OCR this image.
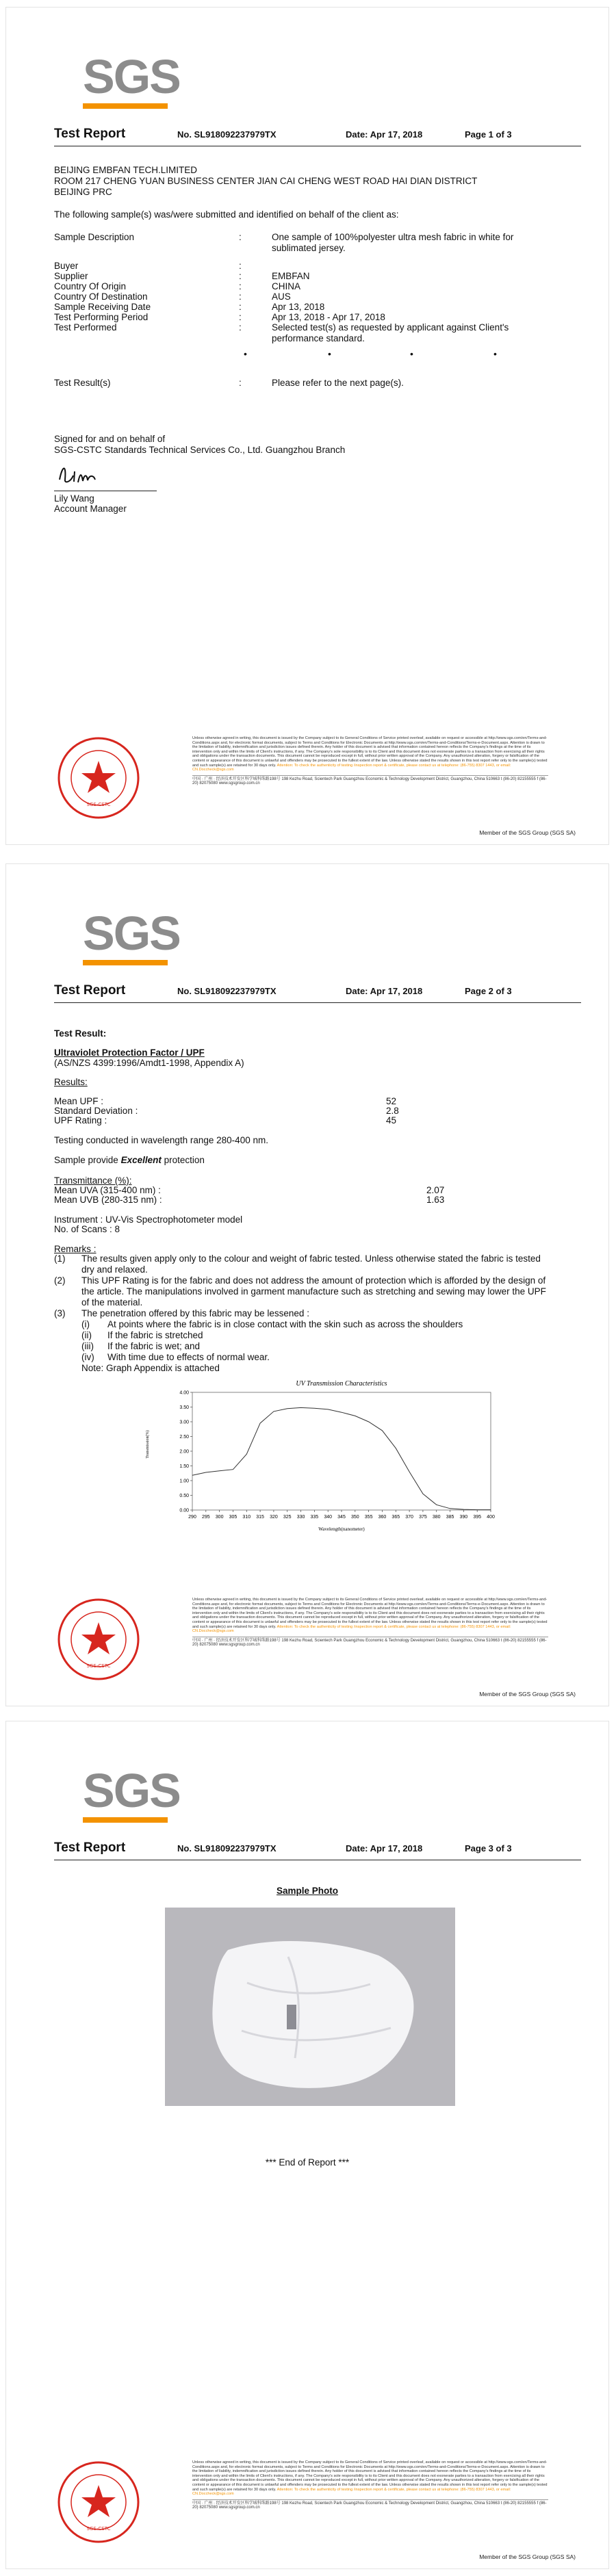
SGS
Test Report	No. SL918092237979TX	Date: Apr 17, 2018	Page 1 of 3
BEIJING EMBFAN TECH.LIMITED
ROOM 217 CHENG YUAN BUSINESS CENTER JIAN CAI CHENG WEST ROAD HAI DIAN DISTRICT
BEIJING PRC
The following sample(s) was/were submitted and identified on behalf of the client as:
Sample Description	:	One sample of 100%polyester ultra mesh fabric in white for sublimated jersey.
Buyer	:
Supplier	:	EMBFAN
Country Of Origin	:	CHINA
Country Of Destination	:	AUS
Sample Receiving Date	:	Apr 13, 2018
Test Performing Period	:	Apr 13, 2018 - Apr 17, 2018
Test Performed	:	Selected test(s) as requested by applicant against Client's performance standard.
•	•	•	•
Test Result(s)	:	Please refer to the next page(s).
Signed for and on behalf of
SGS-CSTC Standards Technical Services Co., Ltd. Guangzhou Branch
Lily Wang
Account Manager
SGS-CSTC
Unless otherwise agreed in writing, this document is issued by the Company subject to its General Conditions of Service printed overleaf, available on request or accessible at http://www.sgs.com/en/Terms-and-Conditions.aspx and, for electronic format documents, subject to Terms and Conditions for Electronic Documents at http://www.sgs.com/en/Terms-and-Conditions/Terms-e-Document.aspx. Attention is drawn to the limitation of liability, indemnification and jurisdiction issues defined therein. Any holder of this document is advised that information contained hereon reflects the Company's findings at the time of its intervention only and within the limits of Client's instructions, if any. The Company's sole responsibility is to its Client and this document does not exonerate parties to a transaction from exercising all their rights and obligations under the transaction documents. This document cannot be reproduced except in full, without prior written approval of the Company. Any unauthorized alteration, forgery or falsification of the content or appearance of this document is unlawful and offenders may be prosecuted to the fullest extent of the law. Unless otherwise stated the results shown in this test report refer only to the sample(s) tested and such sample(s) are retained for 30 days only. Attention: To check the authenticity of testing /inspection report & certificate, please contact us at telephone: (86-755) 8307 1443, or email: CN.Doccheck@sgs.com
中国 · 广州 · 经济技术开发区科学城科珠路198号 198 Kezhu Road, Scientech Park Guangzhou Economic & Technology Development District, Guangzhou, China 510663 t (86-20) 82155555 f (86-20) 82075080 www.sgsgroup.com.cn
Member of the SGS Group (SGS SA)
SGS
Test Report	No. SL918092237979TX	Date: Apr 17, 2018	Page 2 of 3
Test Result:
Ultraviolet Protection Factor / UPF
(AS/NZS 4399:1996/Amdt1-1998, Appendix A)
Results:
Mean UPF :	52
Standard Deviation :	2.8
UPF Rating :	45
Testing conducted in wavelength range 280-400 nm.
Sample provide Excellent protection
Transmittance (%):
Mean UVA (315-400 nm) :	2.07
Mean UVB (280-315 nm) :	1.63
Instrument : UV-Vis Spectrophotometer model
No. of Scans : 8
Remarks :
(1) The results given apply only to the colour and weight of fabric tested. Unless otherwise stated the fabric is tested dry and relaxed.
(2) This UPF Rating is for the fabric and does not address the amount of protection which is afforded by the design of the article. The manipulations involved in garment manufacture such as stretching and sewing may lower the UPF of the material.
(3) The penetration offered by this fabric may be lessened :
(i) At points where the fabric is in close contact with the skin such as across the shoulders
(ii) If the fabric is stretched
(iii) If the fabric is wet; and
(iv) With time due to effects of normal wear.
Note: Graph Appendix is attached
UV Transmission Characteristics
Transmission(%)
Wavelength(nanometer)
0.00
0.50
1.00
1.50
2.00
2.50
3.00
3.50
4.00
290 295 300 305 310 315 320 325 330 335 340 345 350 355 360 365 370 375 380 385 390 395 400
SGS-CSTC
Unless otherwise agreed in writing, this document is issued by the Company subject to its General Conditions of Service printed overleaf, available on request or accessible at http://www.sgs.com/en/Terms-and-Conditions.aspx and, for electronic format documents, subject to Terms and Conditions for Electronic Documents at http://www.sgs.com/en/Terms-and-Conditions/Terms-e-Document.aspx. Attention is drawn to the limitation of liability, indemnification and jurisdiction issues defined therein. Any holder of this document is advised that information contained hereon reflects the Company's findings at the time of its intervention only and within the limits of Client's instructions, if any. The Company's sole responsibility is to its Client and this document does not exonerate parties to a transaction from exercising all their rights and obligations under the transaction documents. This document cannot be reproduced except in full, without prior written approval of the Company. Any unauthorized alteration, forgery or falsification of the content or appearance of this document is unlawful and offenders may be prosecuted to the fullest extent of the law. Unless otherwise stated the results shown in this test report refer only to the sample(s) tested and such sample(s) are retained for 30 days only. Attention: To check the authenticity of testing /inspection report & certificate, please contact us at telephone: (86-755) 8307 1443, or email: CN.Doccheck@sgs.com
中国 · 广州 · 经济技术开发区科学城科珠路198号 198 Kezhu Road, Scientech Park Guangzhou Economic & Technology Development District, Guangzhou, China 510663 t (86-20) 82155555 f (86-20) 82075080 www.sgsgroup.com.cn
Member of the SGS Group (SGS SA)
SGS
Test Report	No. SL918092237979TX	Date: Apr 17, 2018	Page 3 of 3
Sample Photo
*** End of Report ***
SGS-CSTC
Unless otherwise agreed in writing, this document is issued by the Company subject to its General Conditions of Service printed overleaf, available on request or accessible at http://www.sgs.com/en/Terms-and-Conditions.aspx and, for electronic format documents, subject to Terms and Conditions for Electronic Documents at http://www.sgs.com/en/Terms-and-Conditions/Terms-e-Document.aspx. Attention is drawn to the limitation of liability, indemnification and jurisdiction issues defined therein. Any holder of this document is advised that information contained hereon reflects the Company's findings at the time of its intervention only and within the limits of Client's instructions, if any. The Company's sole responsibility is to its Client and this document does not exonerate parties to a transaction from exercising all their rights and obligations under the transaction documents. This document cannot be reproduced except in full, without prior written approval of the Company. Any unauthorized alteration, forgery or falsification of the content or appearance of this document is unlawful and offenders may be prosecuted to the fullest extent of the law. Unless otherwise stated the results shown in this test report refer only to the sample(s) tested and such sample(s) are retained for 30 days only. Attention: To check the authenticity of testing /inspection report & certificate, please contact us at telephone: (86-755) 8307 1443, or email: CN.Doccheck@sgs.com
中国 · 广州 · 经济技术开发区科学城科珠路198号 198 Kezhu Road, Scientech Park Guangzhou Economic & Technology Development District, Guangzhou, China 510663 t (86-20) 82155555 f (86-20) 82075080 www.sgsgroup.com.cn
Member of the SGS Group (SGS SA)
